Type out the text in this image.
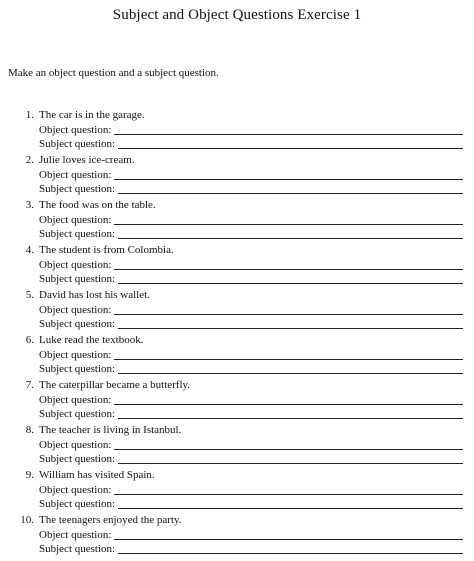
Subject and Object Questions Exercise 1
Make an object question and a subject question.
1. The car is in the garage.
Object question:
Subject question:
2. Julie loves ice-cream.
Object question:
Subject question:
3. The food was on the table.
Object question:
Subject question:
4. The student is from Colombia.
Object question:
Subject question:
5. David has lost his wallet.
Object question:
Subject question:
6. Luke read the textbook.
Object question:
Subject question:
7. The caterpillar became a butterfly.
Object question:
Subject question:
8. The teacher is living in Istanbul.
Object question:
Subject question:
9. William has visited Spain.
Object question:
Subject question:
10. The teenagers enjoyed the party.
Object question:
Subject question:
